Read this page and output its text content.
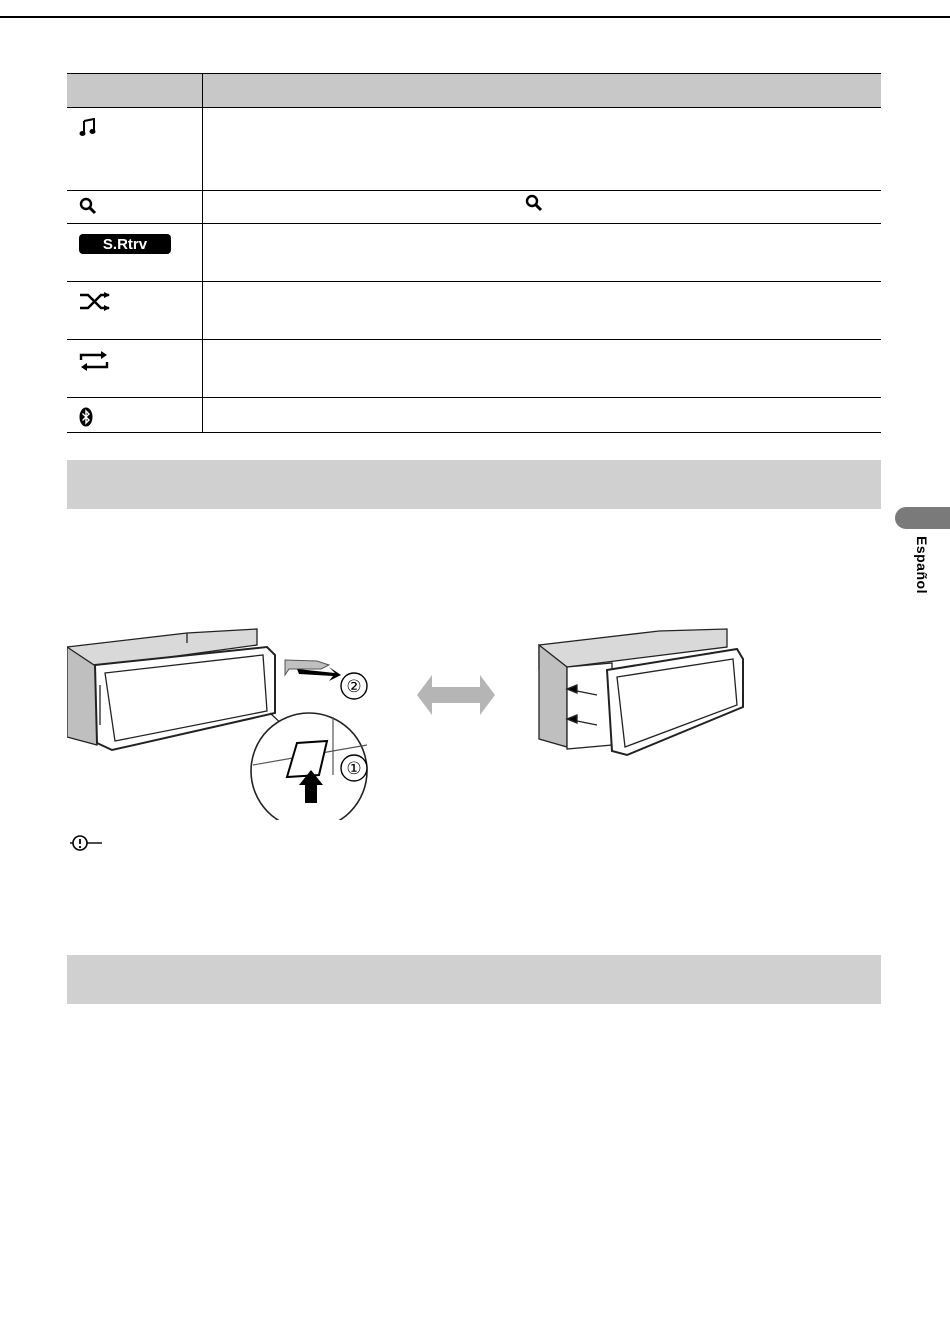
S.Rtrv	

Español
②
①
